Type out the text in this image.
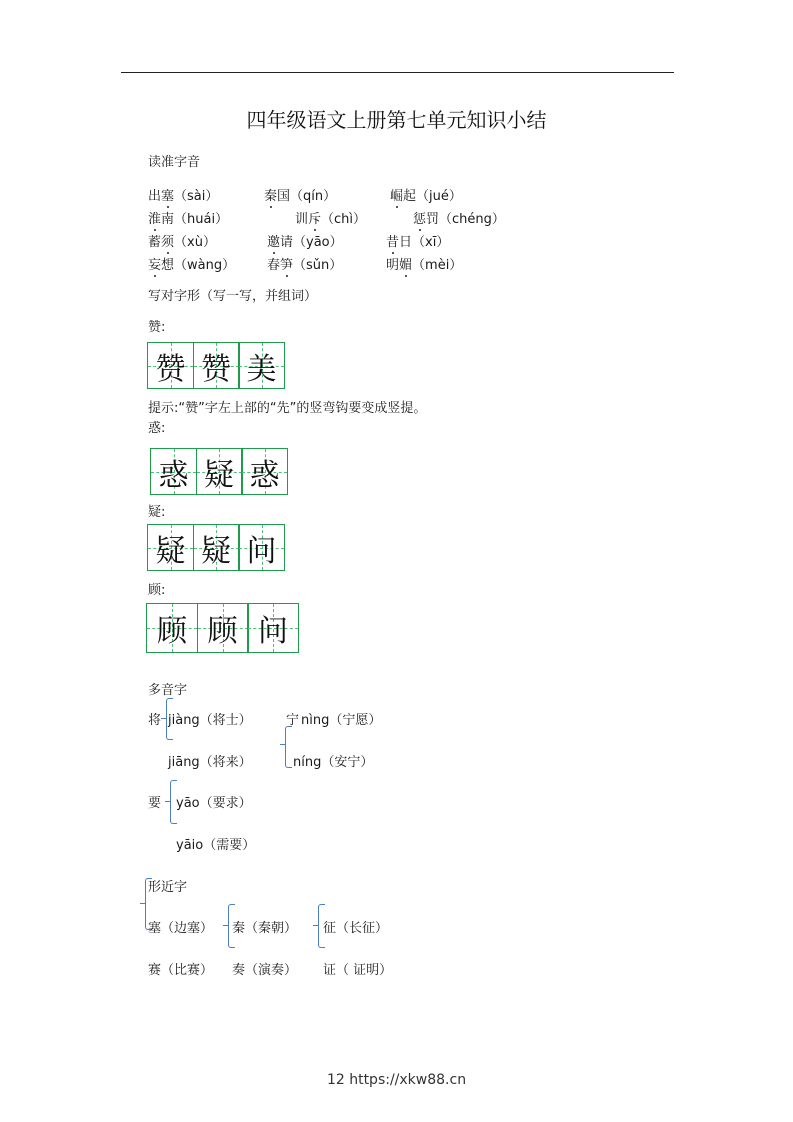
四年级语文上册第七单元知识小结
读准字音
出塞（sài）	秦国（qín）	崛起（jué）
淮南（huái）	训斥（chì）	惩罚（chéng）
蓄须（xù）	邀请（yāo）	昔日（xī）
妄想（wàng） 春笋（sǔn）	明媚（mèi）
写对字形（写一写，并组词）
赞:
赞 赞 美
提示:“赞”字左上部的“先”的竖弯钩要变成竖提。
惑:
惑 疑 惑
疑:
疑 疑 问
顾:
顾 顾 问
多音字
将 jiàng（将士）
jiāng（将来）
宁 nìng（宁愿）
níng（安宁）
要 yāo（要求）
yāio（需要）
形近字
塞（边塞） 秦（秦朝） 征（长征）
赛（比赛） 奏（演奏） 证（ 证明）
12 https://xkw88.cn
